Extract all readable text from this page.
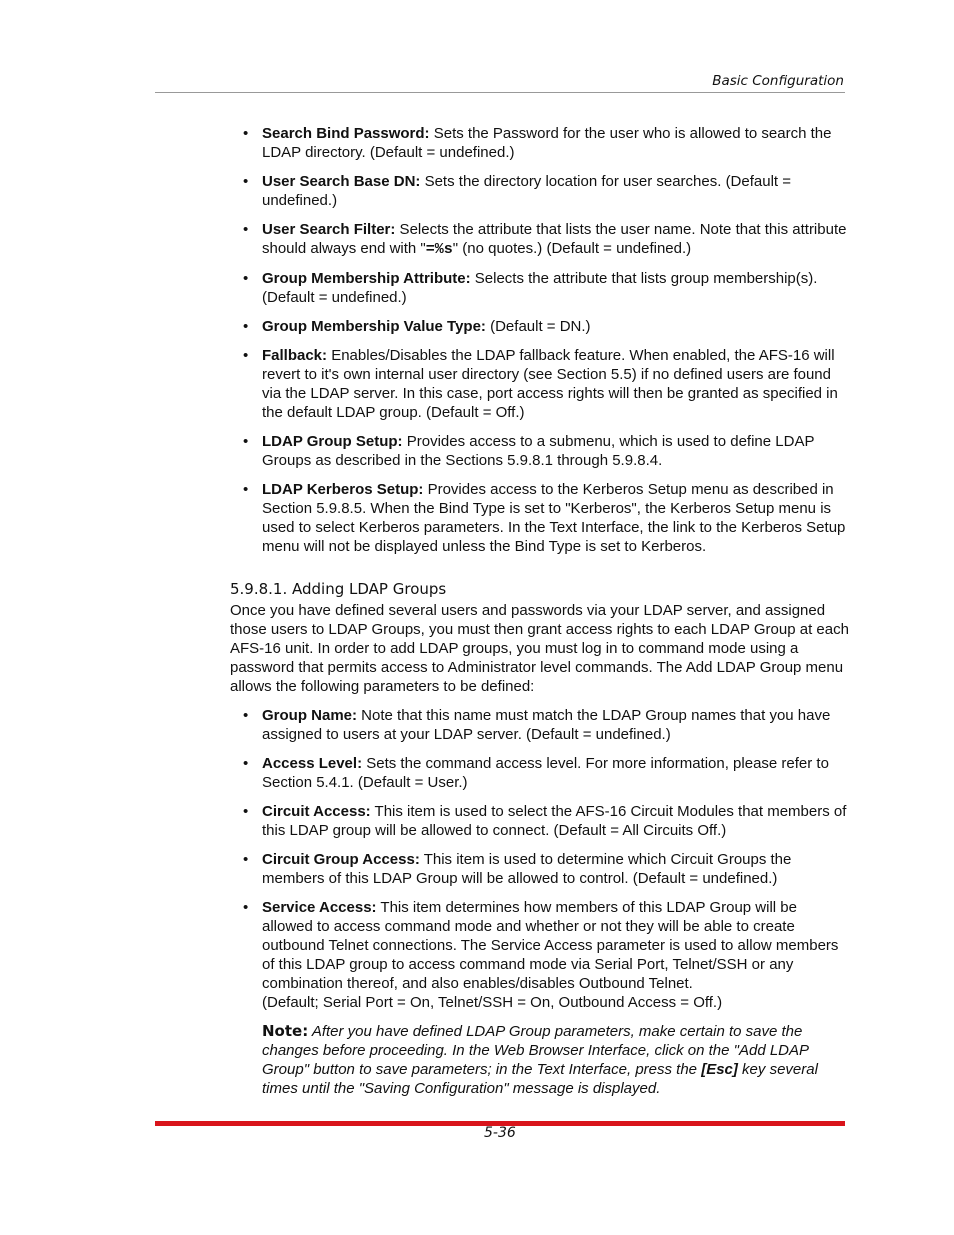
Basic Configuration
• Search Bind Password: Sets the Password for the user who is allowed to search the LDAP directory. (Default = undefined.)
• User Search Base DN: Sets the directory location for user searches. (Default = undefined.)
• User Search Filter: Selects the attribute that lists the user name. Note that this attribute should always end with "=%s" (no quotes.) (Default = undefined.)
• Group Membership Attribute: Selects the attribute that lists group membership(s). (Default = undefined.)
• Group Membership Value Type: (Default = DN.)
• Fallback: Enables/Disables the LDAP fallback feature. When enabled, the AFS-16 will revert to it's own internal user directory (see Section 5.5) if no defined users are found via the LDAP server. In this case, port access rights will then be granted as specified in the default LDAP group. (Default = Off.)
• LDAP Group Setup: Provides access to a submenu, which is used to define LDAP Groups as described in the Sections 5.9.8.1 through 5.9.8.4.
• LDAP Kerberos Setup: Provides access to the Kerberos Setup menu as described in Section 5.9.8.5. When the Bind Type is set to "Kerberos", the Kerberos Setup menu is used to select Kerberos parameters. In the Text Interface, the link to the Kerberos Setup menu will not be displayed unless the Bind Type is set to Kerberos.
5.9.8.1. Adding LDAP Groups

Once you have defined several users and passwords via your LDAP server, and assigned those users to LDAP Groups, you must then grant access rights to each LDAP Group at each AFS-16 unit. In order to add LDAP groups, you must log in to command mode using a password that permits access to Administrator level commands. The Add LDAP Group menu allows the following parameters to be defined:

• Group Name: Note that this name must match the LDAP Group names that you have assigned to users at your LDAP server. (Default = undefined.)
• Access Level: Sets the command access level. For more information, please refer to Section 5.4.1. (Default = User.)
• Circuit Access: This item is used to select the AFS-16 Circuit Modules that members of this LDAP group will be allowed to connect. (Default = All Circuits Off.)
• Circuit Group Access: This item is used to determine which Circuit Groups the members of this LDAP Group will be allowed to control. (Default = undefined.)
• Service Access: This item determines how members of this LDAP Group will be allowed to access command mode and whether or not they will be able to create outbound Telnet connections. The Service Access parameter is used to allow members of this LDAP group to access command mode via Serial Port, Telnet/SSH or any combination thereof, and also enables/disables Outbound Telnet.
(Default; Serial Port = On, Telnet/SSH = On, Outbound Access = Off.)
Note: After you have defined LDAP Group parameters, make certain to save the changes before proceeding. In the Web Browser Interface, click on the "Add LDAP Group" button to save parameters; in the Text Interface, press the [Esc] key several times until the "Saving Configuration" message is displayed.
5-36
